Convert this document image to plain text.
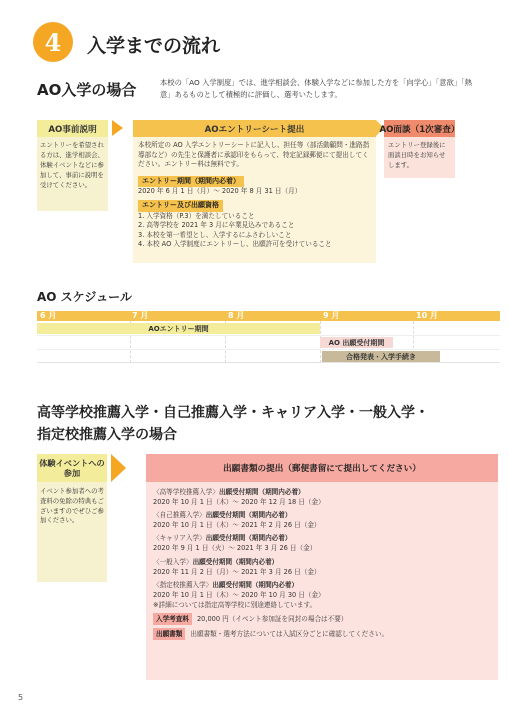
4	入学までの流れ
AO入学の場合	本校の「AO 入学制度」では、進学相談会、体験入学などに参加した方を「向学心」「意欲」「熱意」あるものとして積極的に評価し、選考いたします。
AO事前説明	AOエントリーシート提出	AO面談（1次審査）
エントリーを希望される方は、進学相談会、体験イベントなどに参加して、事前に説明を受けてください。
本校所定の AO 入学エントリーシートに記入し、担任等（部活動顧問・進路指導部など）の先生と保護者に承認印をもらって、特定記録郵便にて提出してください。エントリー料は無料です。
エントリー期間（期間内必着）
2020 年 6 月 1 日（月）～ 2020 年 8 月 31 日（月）
エントリー及び出願資格
1. 入学資格（P.3）を満たしていること
2. 高等学校を 2021 年 3 月に卒業見込みであること
3. 本校を第一希望とし、入学するにふさわしいこと
4. 本校 AO 入学制度にエントリーし、出願許可を受けていること
エントリー登録後に面談日時をお知らせします。
AO スケジュール
6 月	7 月	8 月	9 月	10 月
AOエントリー期間
AO 出願受付期間
合格発表・入学手続き
高等学校推薦入学・自己推薦入学・キャリア入学・一般入学・指定校推薦入学の場合
体験イベントへの参加	出願書類の提出（郵便書留にて提出してください）
イベント参加者への考査料の免除の特典もございますのでぜひご参加ください。
〈高等学校推薦入学〉出願受付期間（期間内必着）
2020 年 10 月 1 日（木）～ 2020 年 12 月 18 日（金）
〈自己推薦入学〉出願受付期間（期間内必着）
2020 年 10 月 1 日（木）～ 2021 年 2 月 26 日（金）
〈キャリア入学〉出願受付期間（期間内必着）
2020 年 9 月 1 日（火）～ 2021 年 3 月 26 日（金）
〈一般入学〉出願受付期間（期間内必着）
2020 年 11 月 2 日（月）～ 2021 年 3 月 26 日（金）
〈指定校推薦入学〉出願受付期間（期間内必着）
2020 年 10 月 1 日（木）～ 2020 年 10 月 30 日（金）
※詳細については指定高等学校に別途連絡しています。
入学考査料 20,000 円（イベント参加証を同封の場合は不要）
出願書類 出願書類・選考方法については入試区分ごとに確認してください。
5
